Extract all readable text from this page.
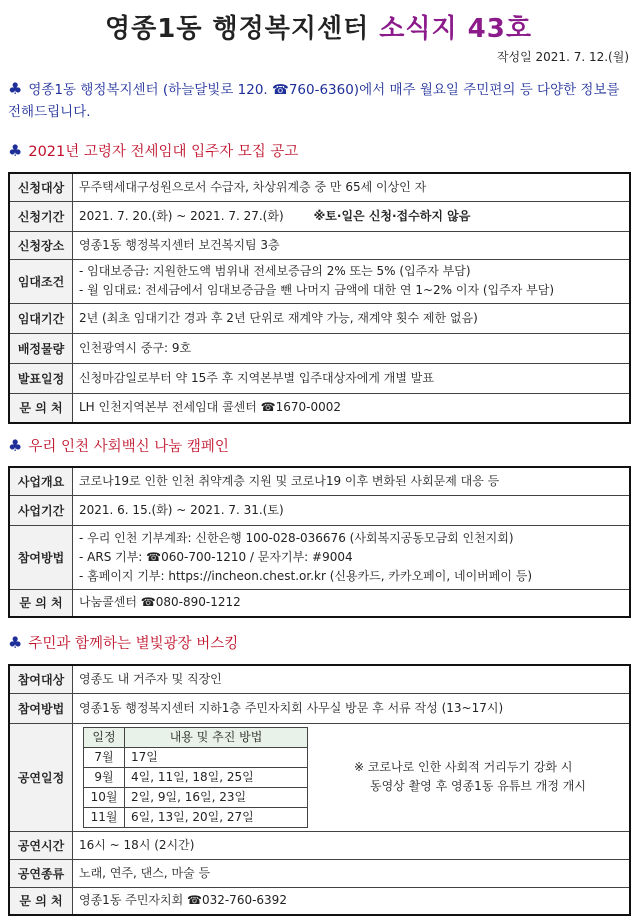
영종1동 행정복지센터 소식지 43호
작성일 2021. 7. 12.(월)
♣ 영종1동 행정복지센터 (하늘달빛로 120. ☎760-6360)에서 매주 월요일 주민편의 등 다양한 정보를 전해드립니다.
♣ 2021년 고령자 전세임대 입주자 모집 공고
신청대상	무주택세대구성원으로서 수급자, 차상위계층 중 만 65세 이상인 자

신청기간	2021. 7. 20.(화) ~ 2021. 7. 27.(화) ※토·일은 신청·접수하지 않음

신청장소	영종1동 행정복지센터 보건복지팀 3층

임대조건	- 임대보증금: 지원한도액 범위내 전세보증금의 2% 또는 5% (입주자 부담)
- 월 임대료: 전세금에서 임대보증금을 뺀 나머지 금액에 대한 연 1~2% 이자 (입주자 부담)

임대기간	2년 (최초 임대기간 경과 후 2년 단위로 재계약 가능, 재계약 횟수 제한 없음)

배정물량	인천광역시 중구: 9호

발표일정	신청마감일로부터 약 15주 후 지역본부별 입주대상자에게 개별 발표

문 의 처	LH 인천지역본부 전세임대 콜센터 ☎1670-0002
♣ 우리 인천 사회백신 나눔 캠페인
사업개요	코로나19로 인한 인천 취약계층 지원 및 코로나19 이후 변화된 사회문제 대응 등

사업기간	2021. 6. 15.(화) ~ 2021. 7. 31.(토)

참여방법	- 우리 인천 기부계좌: 신한은행 100-028-036676 (사회복지공동모금회 인천지회)
- ARS 기부: ☎060-700-1210 / 문자기부: #9004
- 홈페이지 기부: https://incheon.chest.or.kr (신용카드, 카카오페이, 네이버페이 등)

문 의 처	나눔콜센터 ☎080-890-1212
♣ 주민과 함께하는 별빛광장 버스킹
참여대상	영종도 내 거주자 및 직장인

참여방법	영종1동 행정복지센터 지하1층 주민자치회 사무실 방문 후 서류 작성 (13~17시)

공연일정	
일정	내용 및 추진 방법
7월	17일
9월	4일, 11일, 18일, 25일
10월	2일, 9일, 16일, 23일
11월	6일, 13일, 20일, 27일
※ 코로나로 인한 사회적 거리두기 강화 시
동영상 촬영 후 영종1동 유튜브 개정 개시

공연시간	16시 ~ 18시 (2시간)

공연종류	노래, 연주, 댄스, 마술 등

문 의 처	영종1동 주민자치회 ☎032-760-6392
